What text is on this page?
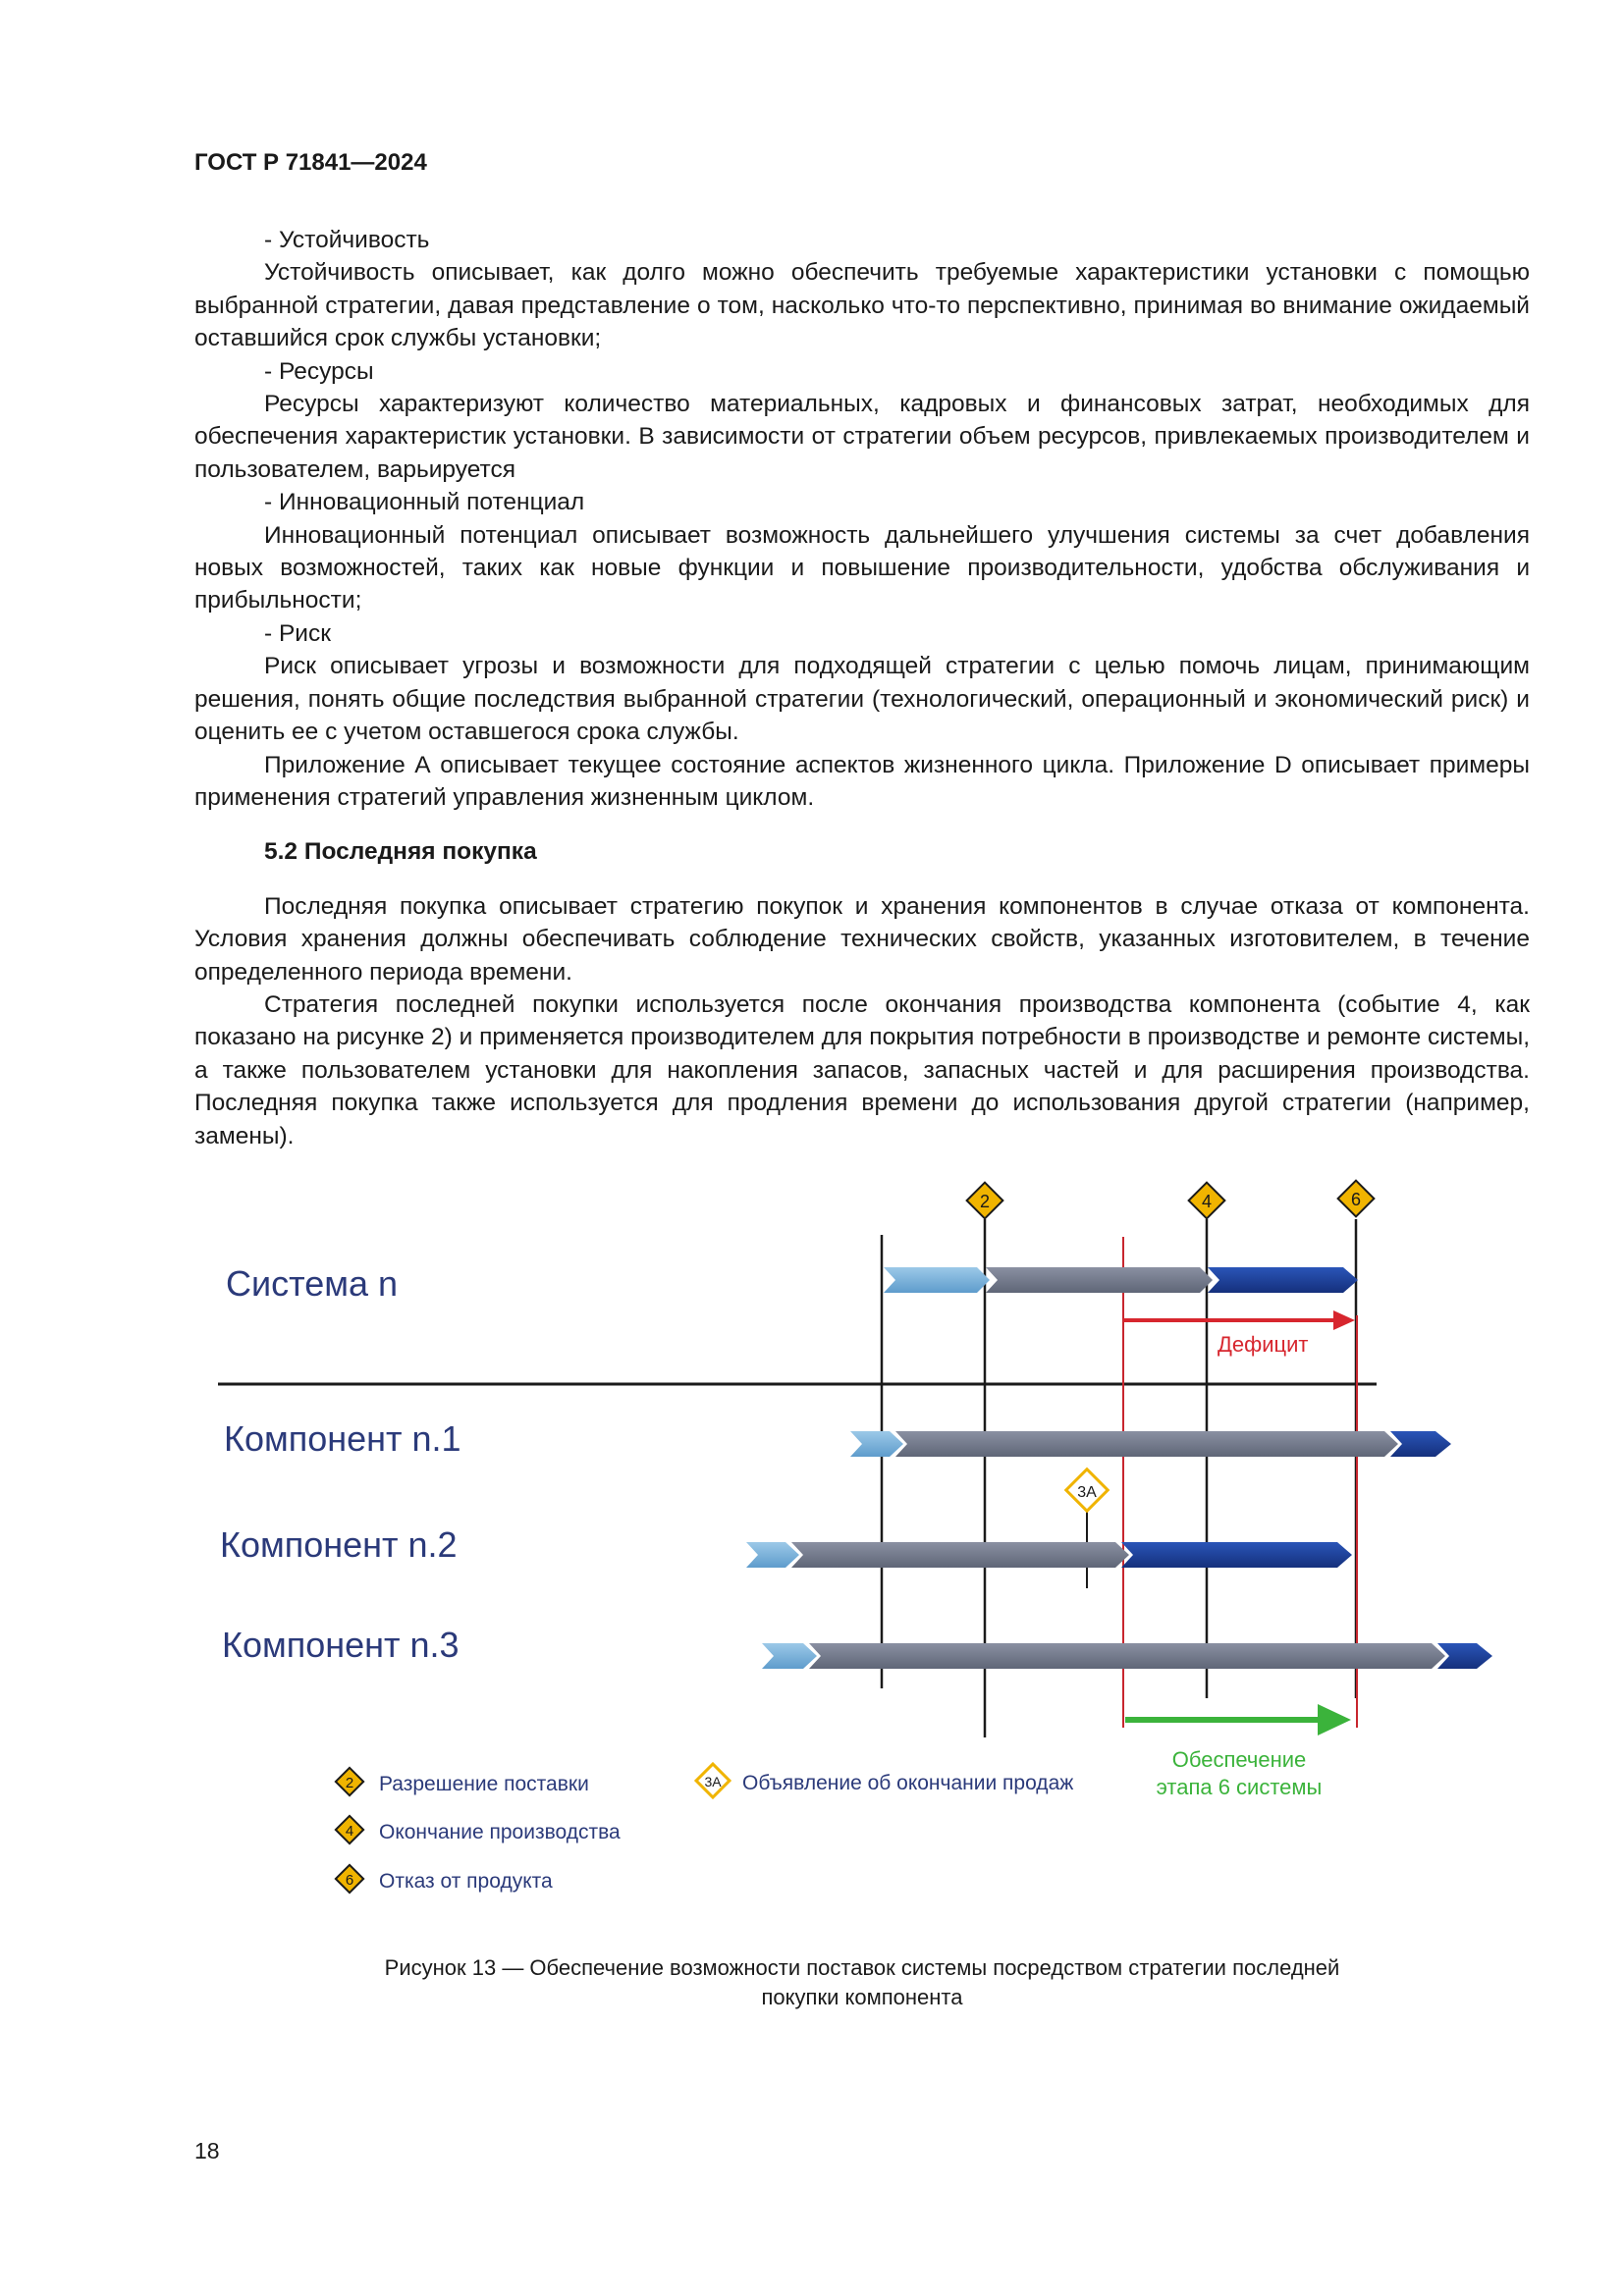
ГОСТ Р 71841—2024

- Устойчивость

Устойчивость описывает, как долго можно обеспечить требуемые характеристики установки с помощью выбранной стратегии, давая представление о том, насколько что-то перспективно, принимая во внимание ожидаемый оставшийся срок службы установки;

- Ресурсы

Ресурсы характеризуют количество материальных, кадровых и финансовых затрат, необходимых для обеспечения характеристик установки. В зависимости от стратегии объем ресурсов, привлекаемых производителем и пользователем, варьируется

- Инновационный потенциал

Инновационный потенциал описывает возможность дальнейшего улучшения системы за счет добавления новых возможностей, таких как новые функции и повышение производительности, удобства обслуживания и прибыльности;

- Риск

Риск описывает угрозы и возможности для подходящей стратегии с целью помочь лицам, принимающим решения, понять общие последствия выбранной стратегии (технологический, операционный и экономический риск) и оценить ее с учетом оставшегося срока службы.

Приложение А описывает текущее состояние аспектов жизненного цикла. Приложение D описывает примеры применения стратегий управления жизненным циклом.

5.2 Последняя покупка

Последняя покупка описывает стратегию покупок и хранения компонентов в случае отказа от компонента. Условия хранения должны обеспечивать соблюдение технических свойств, указанных изготовителем, в течение определенного периода времени.

Стратегия последней покупки используется после окончания производства компонента (событие 4, как показано на рисунке 2) и применяется производителем для покрытия потребности в производстве и ремонте системы, а также пользователем установки для накопления запасов, запасных частей и для расширения производства. Последняя покупка также используется для продления времени до использования другой стратегии (например, замены).

Система n
Компонент n.1
Компонент n.2
Компонент n.3
2	4	6
3A
Дефицит
Обеспечение
этапа 6 системы
2 Разрешение поставки
4 Окончание производства
6 Отказ от продукта
3A Объявление об окончании продаж
Рисунок 13 — Обеспечение возможности поставок системы посредством стратегии последней
покупки компонента
18
